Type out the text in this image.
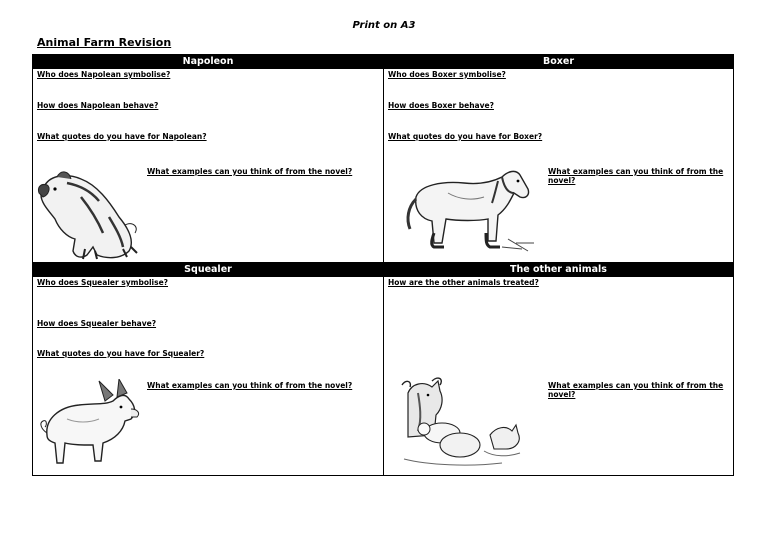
Print on A3
Animal Farm Revision
Napoleon
Who does Napolean symbolise?
How does Napolean behave?
What quotes do you have for Napolean?
What examples can you think of from the novel?
Boxer
Who does Boxer symbolise?
How does Boxer behave?
What quotes do you have for Boxer?
What examples can you think of from the novel?
Squealer
Who does Squealer symbolise?
How does Squealer behave?
What quotes do you have for Squealer?
What examples can you think of from the novel?
The other animals
How are the other animals treated?
What examples can you think of from the novel?
